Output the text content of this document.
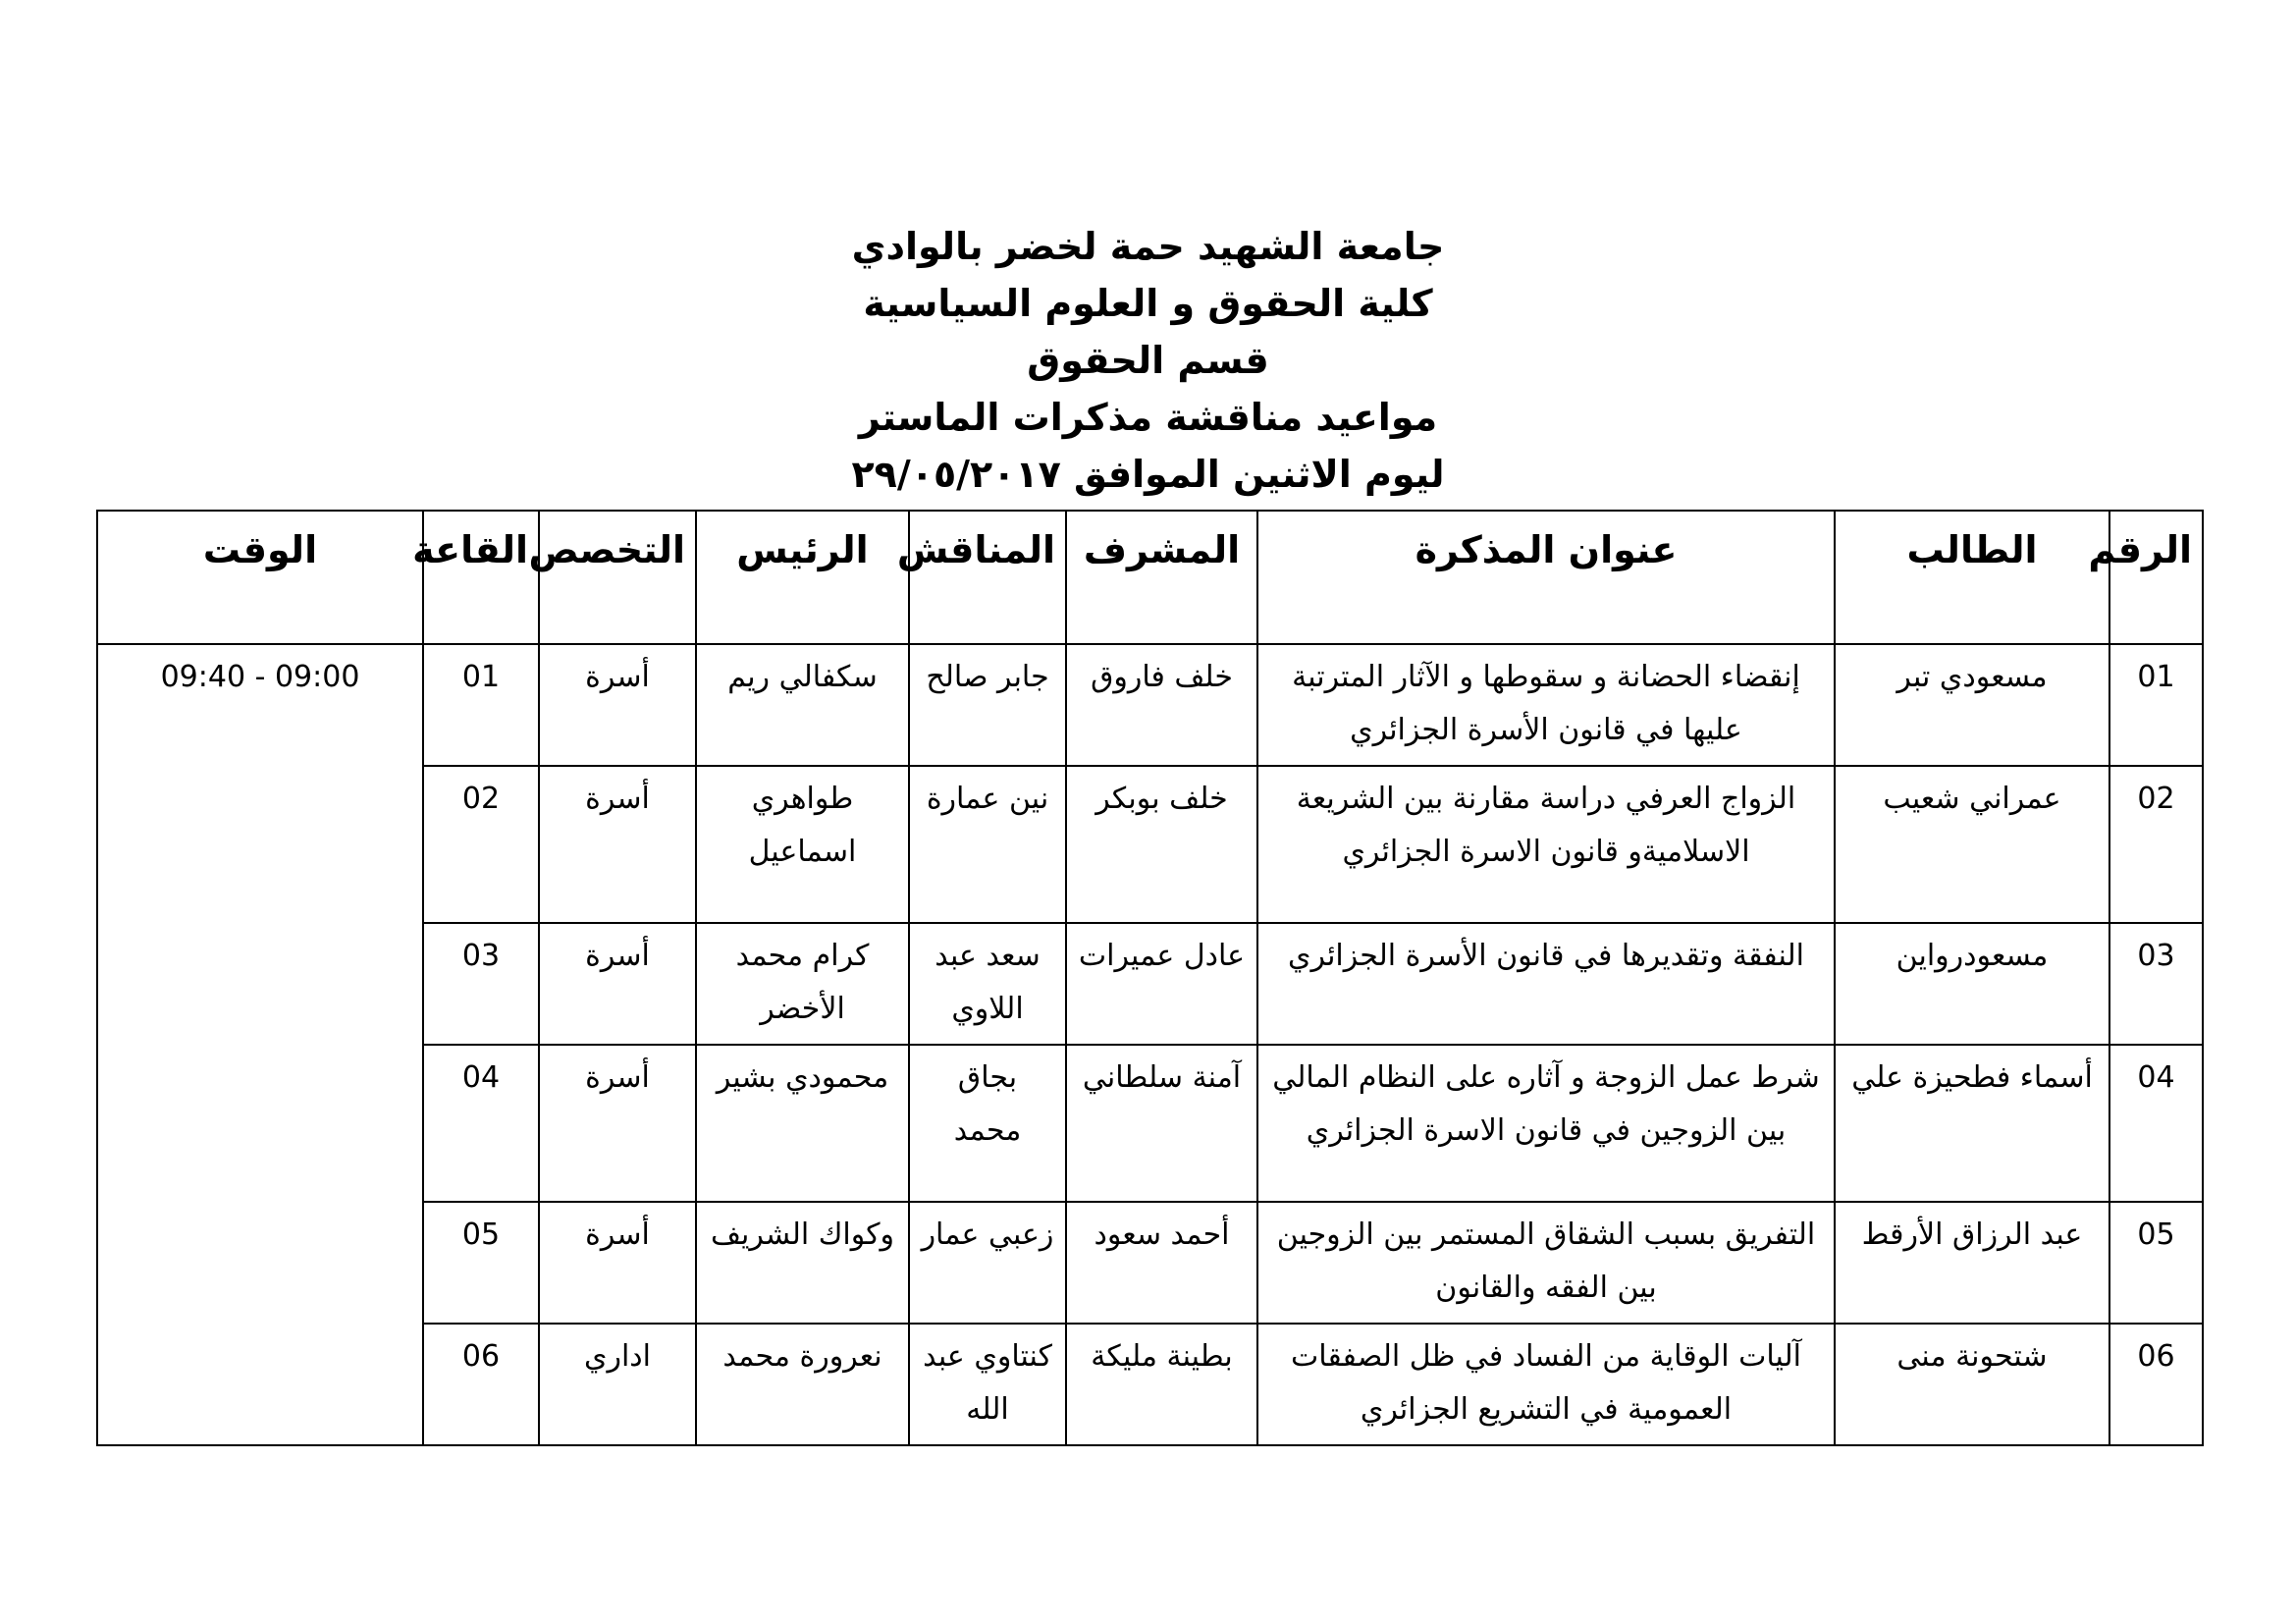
جامعة الشهيد حمة لخضر بالوادي
كلية الحقوق و العلوم السياسية
قسم الحقوق
مواعيد مناقشة مذكرات الماستر
ليوم الاثنين الموافق ٢٩/٠٥/٢٠١٧
الرقم	الطالب	عنوان المذكرة	المشرف	المناقش	الرئيس	التخصص	القاعة	الوقت
01	مسعودي تبر	إنقضاء الحضانة و سقوطها و الآثار المترتبة عليها في قانون الأسرة الجزائري	خلف فاروق	جابر صالح	سكفالي ريم	أسرة	01	09:40 - 09:00
02	عمراني شعيب	الزواج العرفي دراسة مقارنة بين الشريعة الاسلاميةو قانون الاسرة الجزائري	خلف بوبكر	نين عمارة	طواهري اسماعيل	أسرة	02	
03	مسعودرواين	النفقة وتقديرها في قانون الأسرة الجزائري	عادل عميرات	سعد عبد اللاوي	كرام محمد الأخضر	أسرة	03	
04	أسماء فطحيزة علي	شرط عمل الزوجة و آثاره على النظام المالي بين الزوجين في قانون الاسرة الجزائري	آمنة سلطاني	بجاق محمد	محمودي بشير	أسرة	04	
05	عبد الرزاق الأرقط	التفريق بسبب الشقاق المستمر بين الزوجين بين الفقه والقانون	أحمد سعود	زعبي عمار	وكواك الشريف	أسرة	05	
06	شتحونة منى	آليات الوقاية من الفساد في ظل الصفقات العمومية في التشريع الجزائري	بطينة مليكة	كنتاوي عبد الله	نعرورة محمد	اداري	06	
